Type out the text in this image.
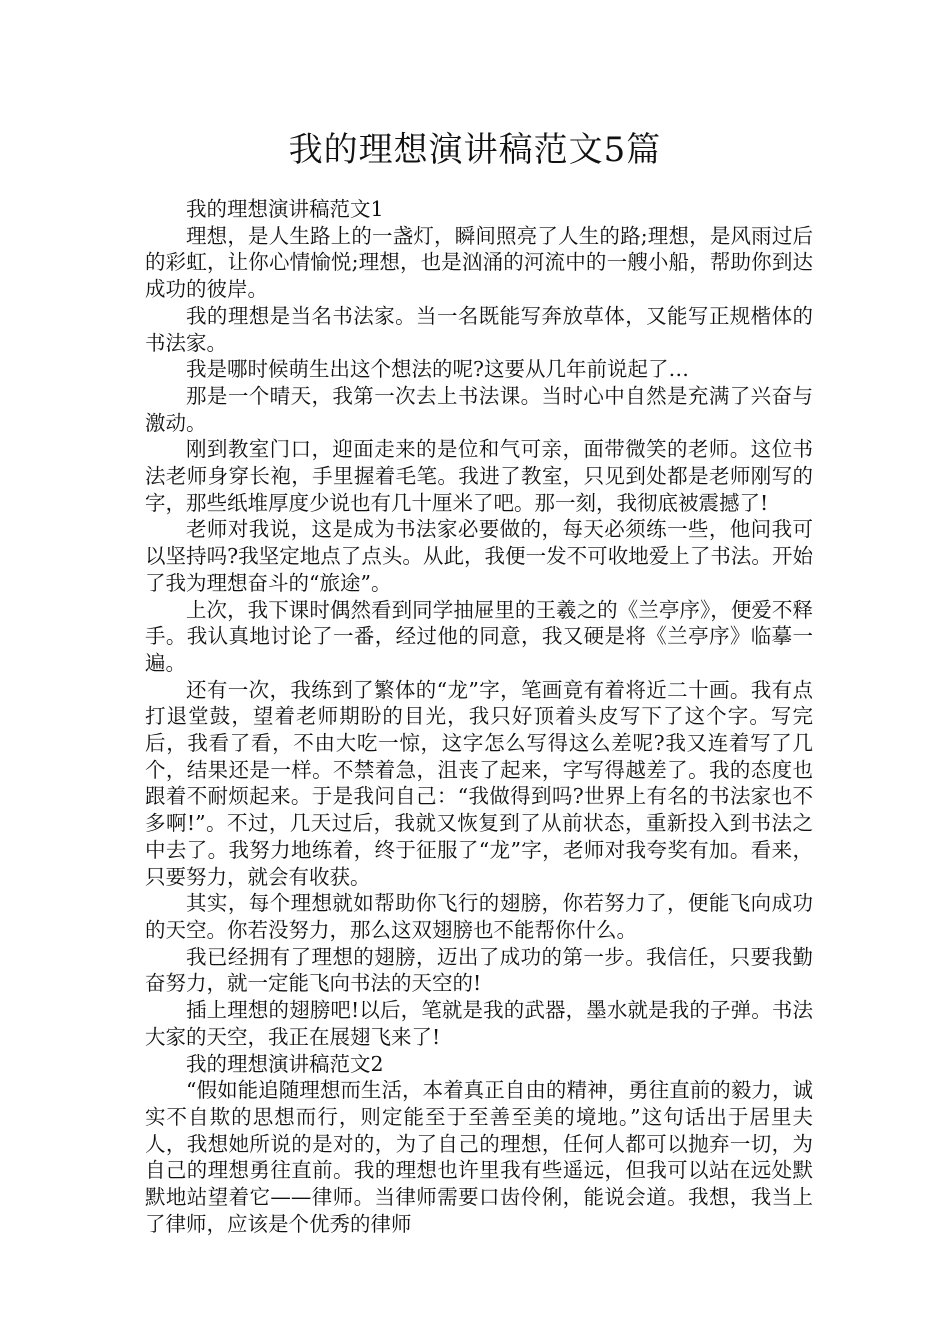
我的理想演讲稿范文5篇

我的理想演讲稿范文1

理想，是人生路上的一盏灯，瞬间照亮了人生的路;理想，是风雨过后的彩虹，让你心情愉悦;理想，也是汹涌的河流中的一艘小船，帮助你到达成功的彼岸。

我的理想是当名书法家。当一名既能写奔放草体，又能写正规楷体的书法家。

我是哪时候萌生出这个想法的呢?这要从几年前说起了…

那是一个晴天，我第一次去上书法课。当时心中自然是充满了兴奋与激动。

刚到教室门口，迎面走来的是位和气可亲，面带微笑的老师。这位书法老师身穿长袍，手里握着毛笔。我进了教室，只见到处都是老师刚写的字，那些纸堆厚度少说也有几十厘米了吧。那一刻，我彻底被震撼了!

老师对我说，这是成为书法家必要做的，每天必须练一些，他问我可以坚持吗?我坚定地点了点头。从此，我便一发不可收地爱上了书法。开始了我为理想奋斗的“旅途”。

上次，我下课时偶然看到同学抽屉里的王羲之的《兰亭序》，便爱不释手。我认真地讨论了一番，经过他的同意，我又硬是将《兰亭序》临摹一遍。

还有一次，我练到了繁体的“龙”字，笔画竟有着将近二十画。我有点打退堂鼓，望着老师期盼的目光，我只好顶着头皮写下了这个字。写完后，我看了看，不由大吃一惊，这字怎么写得这么差呢?我又连着写了几个，结果还是一样。不禁着急，沮丧了起来，字写得越差了。我的态度也跟着不耐烦起来。于是我问自己：“我做得到吗?世界上有名的书法家也不多啊!”。不过，几天过后，我就又恢复到了从前状态，重新投入到书法之中去了。我努力地练着，终于征服了“龙”字，老师对我夸奖有加。看来，只要努力，就会有收获。

其实，每个理想就如帮助你飞行的翅膀，你若努力了，便能飞向成功的天空。你若没努力，那么这双翅膀也不能帮你什么。

我已经拥有了理想的翅膀，迈出了成功的第一步。我信任，只要我勤奋努力，就一定能飞向书法的天空的!

插上理想的翅膀吧!以后，笔就是我的武器，墨水就是我的子弹。书法大家的天空，我正在展翅飞来了!

我的理想演讲稿范文2

“假如能追随理想而生活，本着真正自由的精神，勇往直前的毅力，诚实不自欺的思想而行，则定能至于至善至美的境地。”这句话出于居里夫人，我想她所说的是对的，为了自己的理想，任何人都可以抛弃一切，为自己的理想勇往直前。我的理想也许里我有些遥远，但我可以站在远处默默地站望着它——律师。当律师需要口齿伶俐，能说会道。我想，我当上了律师，应该是个优秀的律师
